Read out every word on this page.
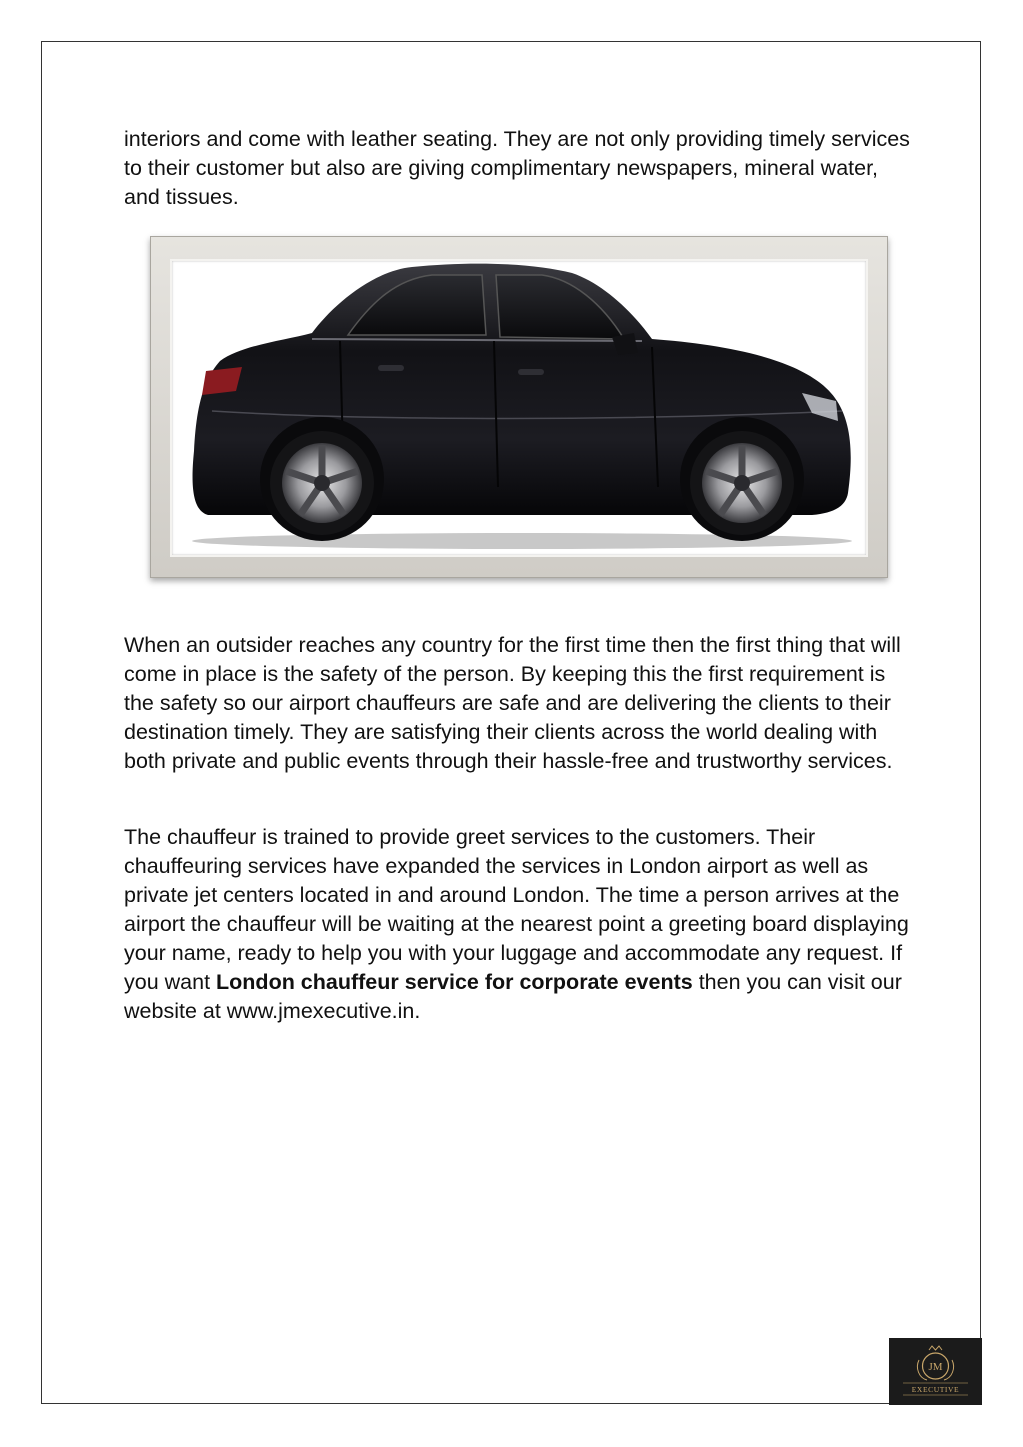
interiors and come with leather seating. They are not only providing timely services to their customer but also are giving complimentary newspapers, mineral water, and tissues.

When an outsider reaches any country for the first time then the first thing that will come in place is the safety of the person. By keeping this the first requirement is the safety so our airport chauffeurs are safe and are delivering the clients to their destination timely. They are satisfying their clients across the world dealing with both private and public events through their hassle-free and trustworthy services.

The chauffeur is trained to provide greet services to the customers. Their chauffeuring services have expanded the services in London airport as well as private jet centers located in and around London. The time a person arrives at the airport the chauffeur will be waiting at the nearest point a greeting board displaying your name, ready to help you with your luggage and accommodate any request. If you want London chauffeur service for corporate events then you can visit our website at www.jmexecutive.in.

JM
EXECUTIVE
